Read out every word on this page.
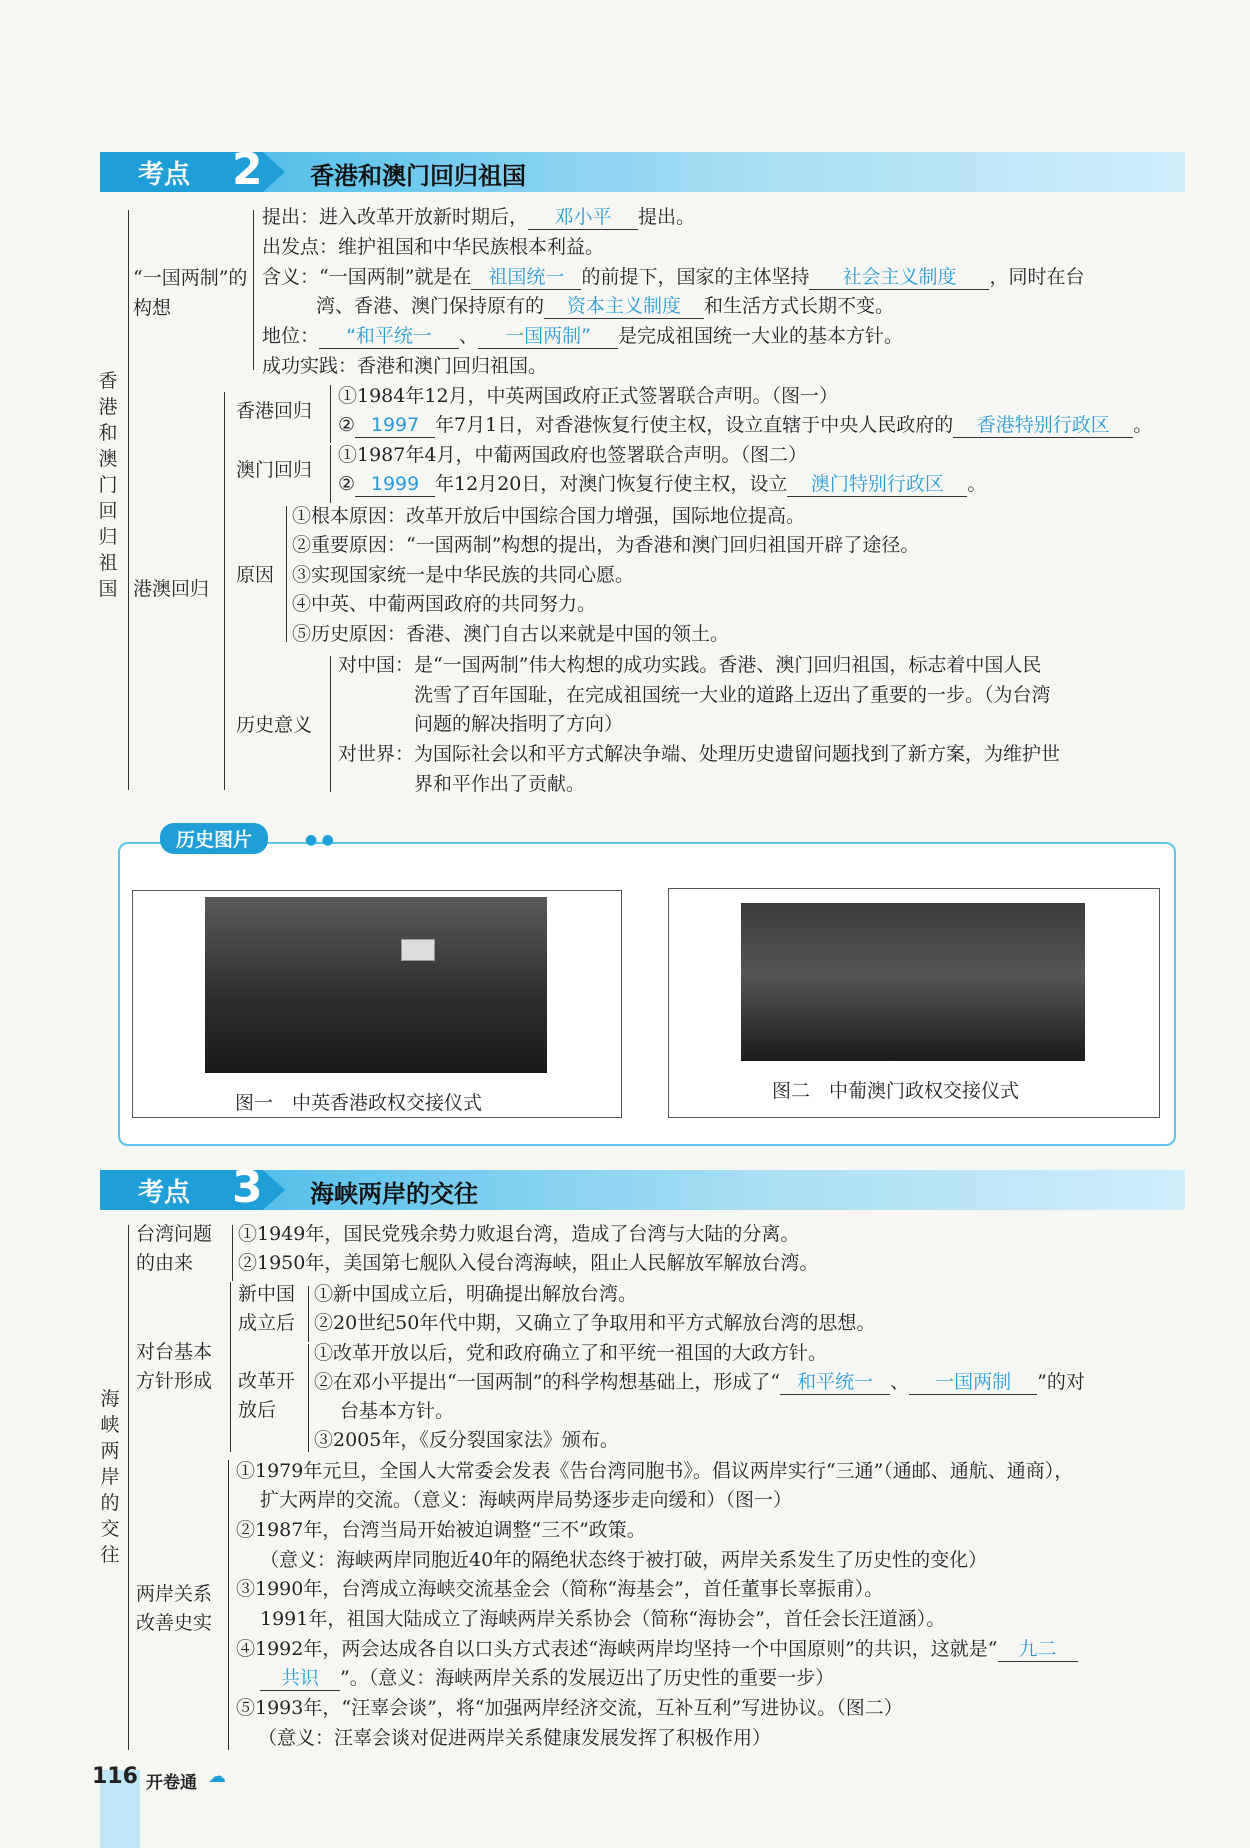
考点 2 香港和澳门回归祖国
香港和澳门回归祖国
“一国两制”的构想
提出：进入改革开放新时期后， 邓小平 提出。
出发点：维护祖国和中华民族根本利益。
含义：“一国两制”就是在 祖国统一 的前提下，国家的主体坚持 社会主义制度 ，同时在台
湾、香港、澳门保持原有的 资本主义制度 和生活方式长期不变。
地位： “和平统一 、 一国两制” 是完成祖国统一大业的基本方针。
成功实践：香港和澳门回归祖国。
港澳回归
香港回归
①1984年12月，中英两国政府正式签署联合声明。（图一）
② 1997 年7月1日，对香港恢复行使主权，设立直辖于中央人民政府的 香港特别行政区 。
澳门回归
①1987年4月，中葡两国政府也签署联合声明。（图二）
② 1999 年12月20日，对澳门恢复行使主权，设立 澳门特别行政区 。
原因
①根本原因：改革开放后中国综合国力增强，国际地位提高。
②重要原因：“一国两制”构想的提出，为香港和澳门回归祖国开辟了途径。
③实现国家统一是中华民族的共同心愿。
④中英、中葡两国政府的共同努力。
⑤历史原因：香港、澳门自古以来就是中国的领土。
历史意义
对中国：是“一国两制”伟大构想的成功实践。香港、澳门回归祖国，标志着中国人民
洗雪了百年国耻，在完成祖国统一大业的道路上迈出了重要的一步。（为台湾
问题的解决指明了方向）
对世界：为国际社会以和平方式解决争端、处理历史遗留问题找到了新方案，为维护世
界和平作出了贡献。
历史图片	● ●
图一　中英香港政权交接仪式
图二　中葡澳门政权交接仪式
考点 3 海峡两岸的交往
海峡两岸的交往
台湾问题
的由来
①1949年，国民党残余势力败退台湾，造成了台湾与大陆的分离。
②1950年，美国第七舰队入侵台湾海峡，阻止人民解放军解放台湾。
对台基本
方针形成
新中国
成立后
①新中国成立后，明确提出解放台湾。
②20世纪50年代中期，又确立了争取用和平方式解放台湾的思想。
改革开
放后
①改革开放以后，党和政府确立了和平统一祖国的大政方针。
②在邓小平提出“一国两制”的科学构想基础上，形成了“ 和平统一 、 一国两制 ”的对
台基本方针。
③2005年，《反分裂国家法》颁布。
两岸关系
改善史实
①1979年元旦，全国人大常委会发表《告台湾同胞书》。倡议两岸实行“三通”（通邮、通航、通商），
扩大两岸的交流。（意义：海峡两岸局势逐步走向缓和）（图一）
②1987年，台湾当局开始被迫调整“三不”政策。
（意义：海峡两岸同胞近40年的隔绝状态终于被打破，两岸关系发生了历史性的变化）
③1990年，台湾成立海峡交流基金会（简称“海基会”，首任董事长辜振甫）。
1991年，祖国大陆成立了海峡两岸关系协会（简称“海协会”，首任会长汪道涵）。
④1992年，两会达成各自以口头方式表述“海峡两岸均坚持一个中国原则”的共识，这就是“ 九二
共识 ”。（意义：海峡两岸关系的发展迈出了历史性的重要一步）
⑤1993年，“汪辜会谈”，将“加强两岸经济交流，互补互利”写进协议。（图二）
（意义：汪辜会谈对促进两岸关系健康发展发挥了积极作用）
116 开卷通 ☁
